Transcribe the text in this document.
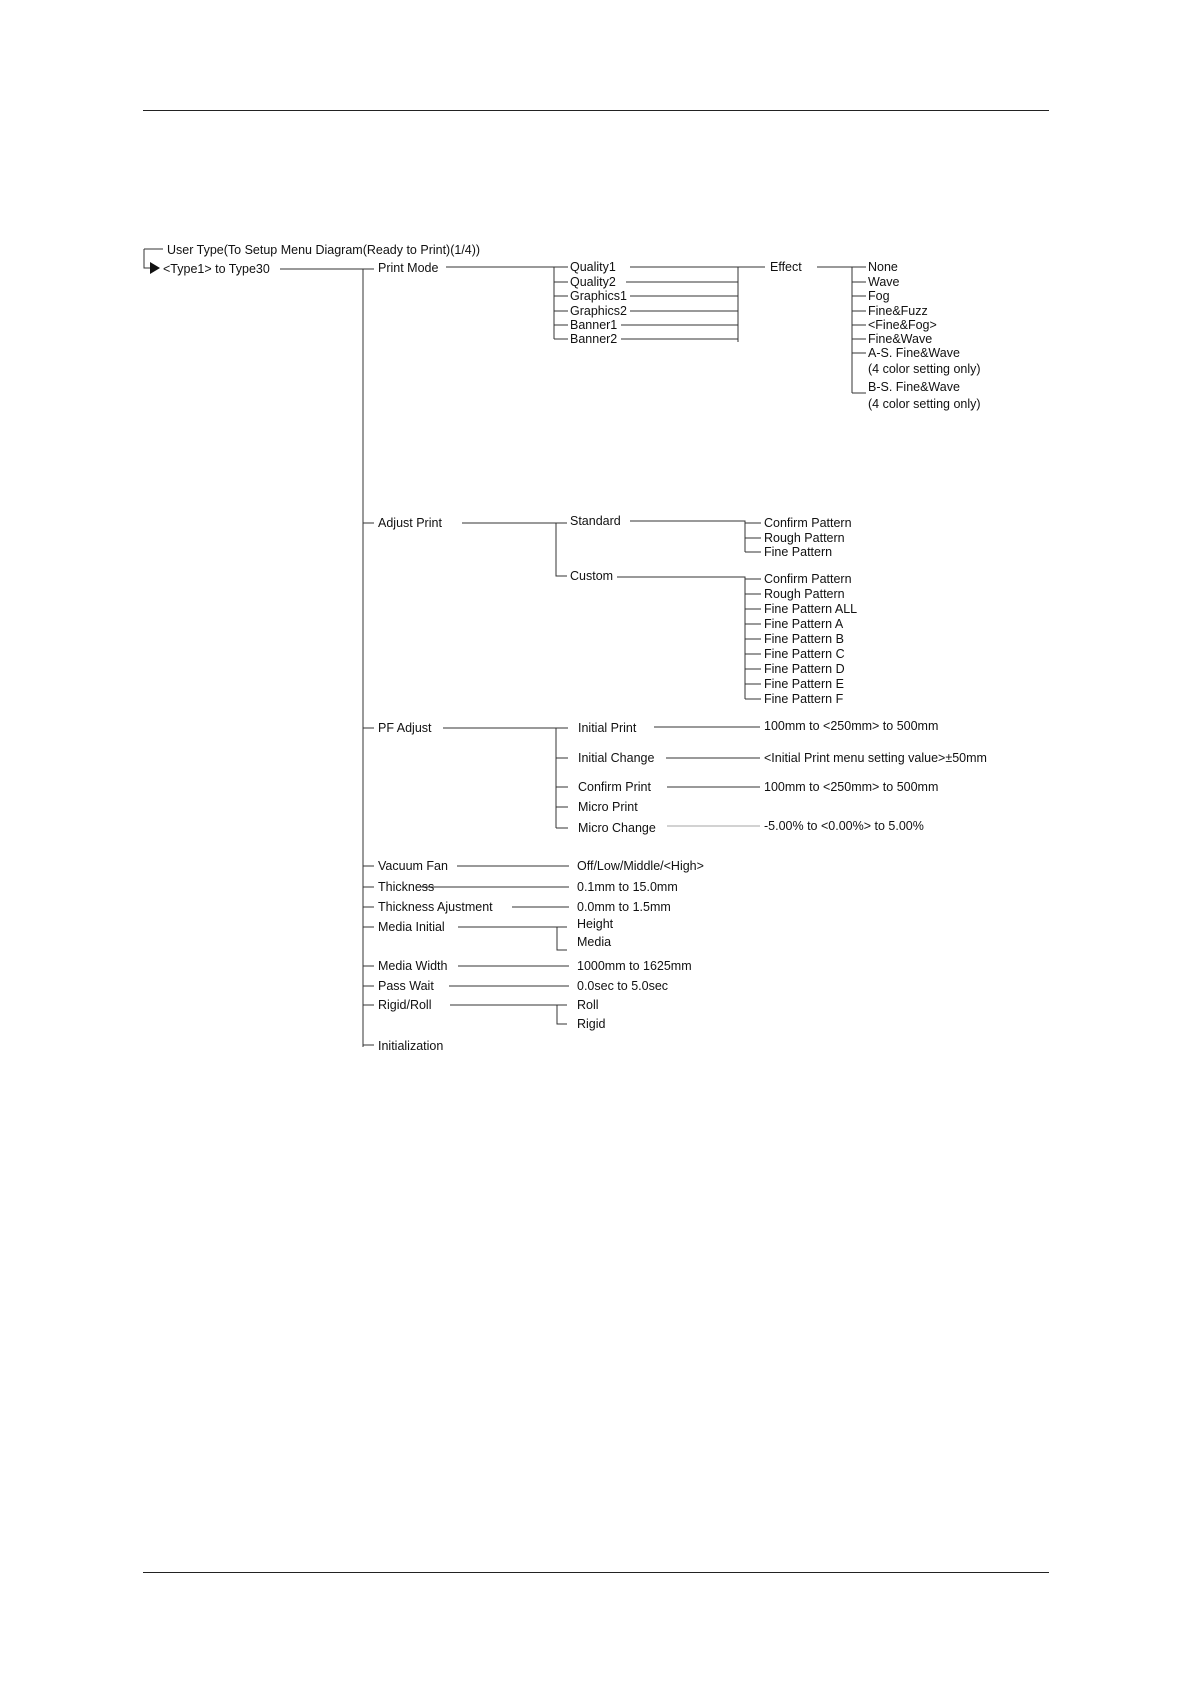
User Type(To Setup Menu Diagram(Ready to Print)(1/4))
<Type1> to Type30	Print Mode
Adjust Print
PF Adjust
Vacuum Fan
Thickness
Thickness Ajustment
Media Initial
Media Width
Pass Wait
Rigid/Roll
Initialization
Quality1
Quality2
Graphics1
Graphics2
Banner1
Banner2
Effect	None
Wave
Fog
Fine&Fuzz
<Fine&Fog>
Fine&Wave
A-S. Fine&Wave
(4 color setting only)
B-S. Fine&Wave
(4 color setting only)
Standard	Confirm Pattern
Rough Pattern
Fine Pattern
Custom	Confirm Pattern
Rough Pattern
Fine Pattern ALL
Fine Pattern A
Fine Pattern B
Fine Pattern C
Fine Pattern D
Fine Pattern E
Fine Pattern F
Initial Print
Initial Change
Confirm Print
Micro Print
Micro Change
100mm to <250mm> to 500mm
<Initial Print menu setting value>±50mm
100mm to <250mm> to 500mm
-5.00% to <0.00%> to 5.00%
Off/Low/Middle/<High>
0.1mm to 15.0mm
0.0mm to 1.5mm
Height
Media
1000mm to 1625mm
0.0sec to 5.0sec
Roll
Rigid
